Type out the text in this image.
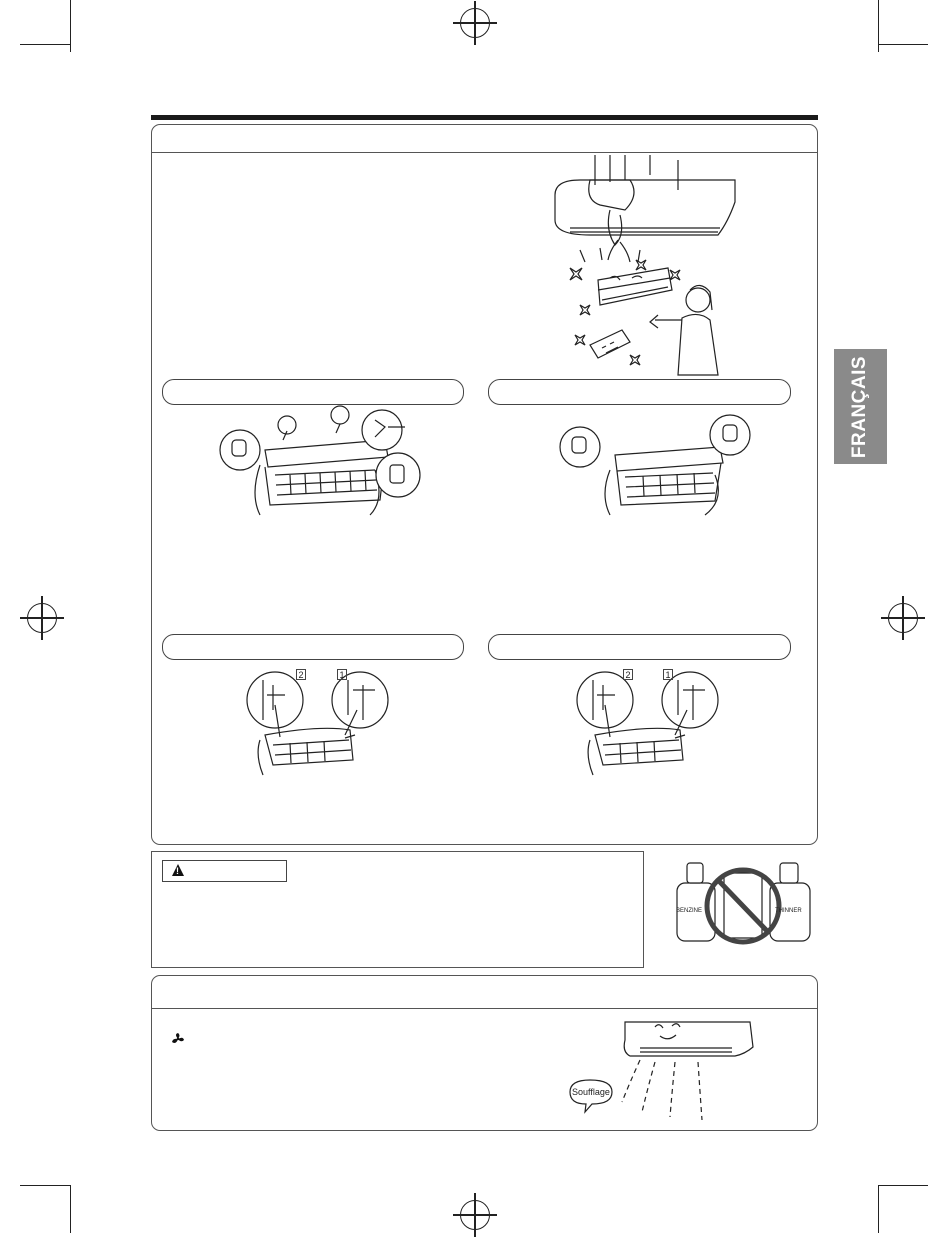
FRANÇAIS
2	1	2	1
!
BENZINE	THINNER
Soufflage
